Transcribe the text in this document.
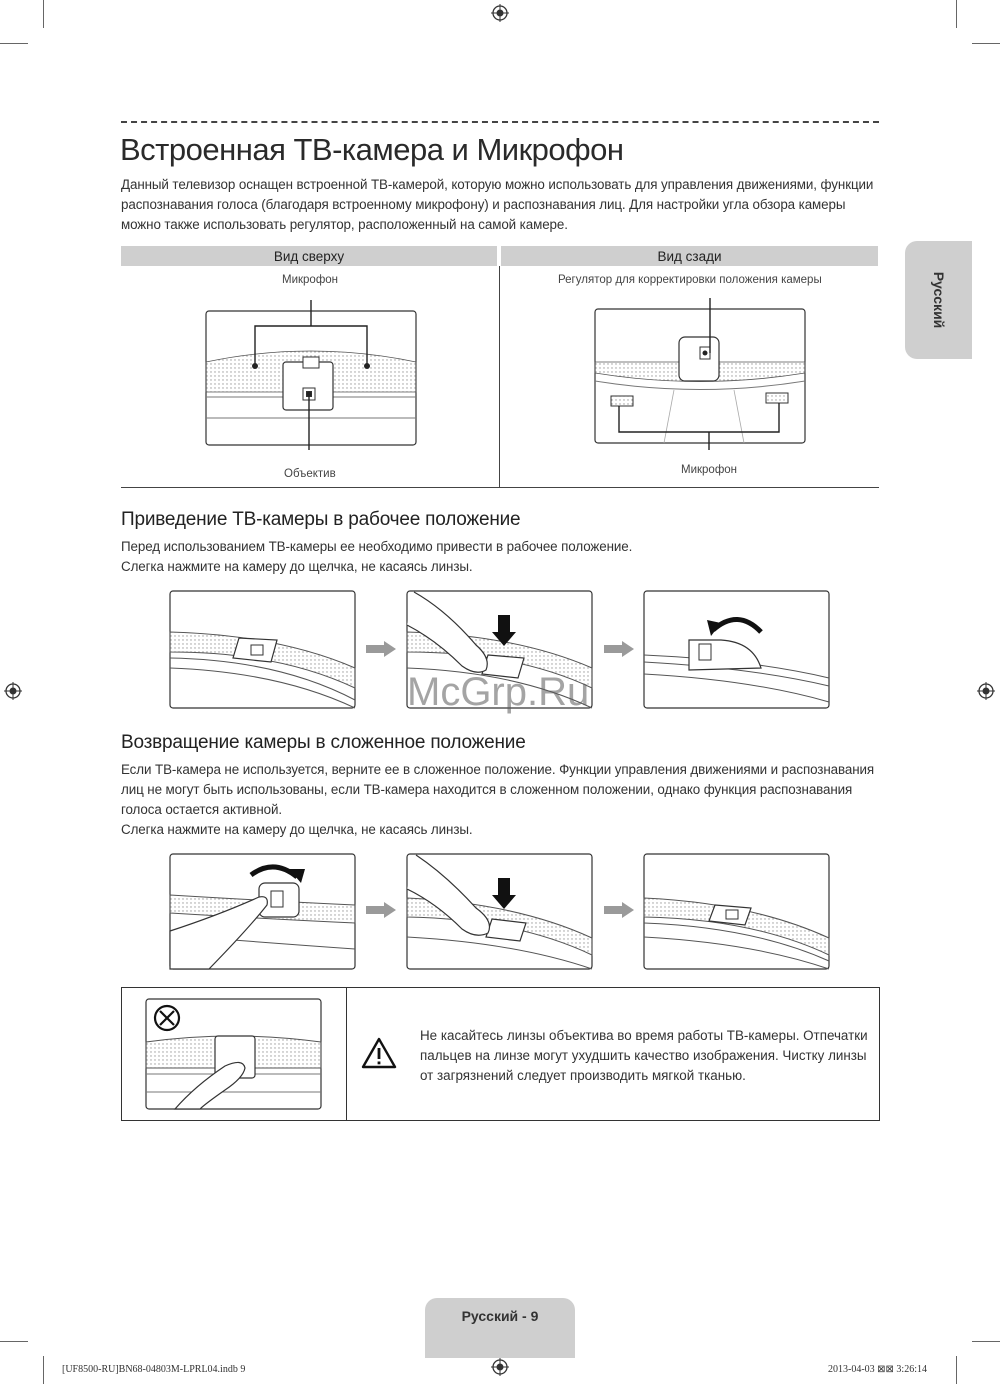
Русский
Встроенная ТВ-камера и Микрофон
Данный телевизор оснащен встроенной ТВ-камерой, которую можно использовать для управления движениями, функции распознавания голоса (благодаря встроенному микрофону) и распознавания лиц. Для настройки угла обзора камеры можно также использовать регулятор, расположенный на самой камере.
Вид сверху	Вид сзади
Микрофон
Объектив
Регулятор для корректировки положения камеры
Микрофон
Приведение ТВ-камеры в рабочее положение
Перед использованием ТВ-камеры ее необходимо привести в рабочее положение.
Слегка нажмите на камеру до щелчка, не касаясь линзы.
Возвращение камеры в сложенное положение
Если ТВ-камера не используется, верните ее в сложенное положение. Функции управления движениями и распознавания лиц не могут быть использованы, если ТВ-камера находится в сложенном положении, однако функция распознавания голоса остается активной.
Слегка нажмите на камеру до щелчка, не касаясь линзы.
Не касайтесь линзы объектива во время работы ТВ-камеры. Отпечатки пальцев на линзе могут ухудшить качество изображения. Чистку линзы от загрязнений следует производить мягкой тканью.
McGrp.Ru
Русский - 9
[UF8500-RU]BN68-04803M-LPRL04.indb 9	2013-04-03 ⊠⊠ 3:26:14
